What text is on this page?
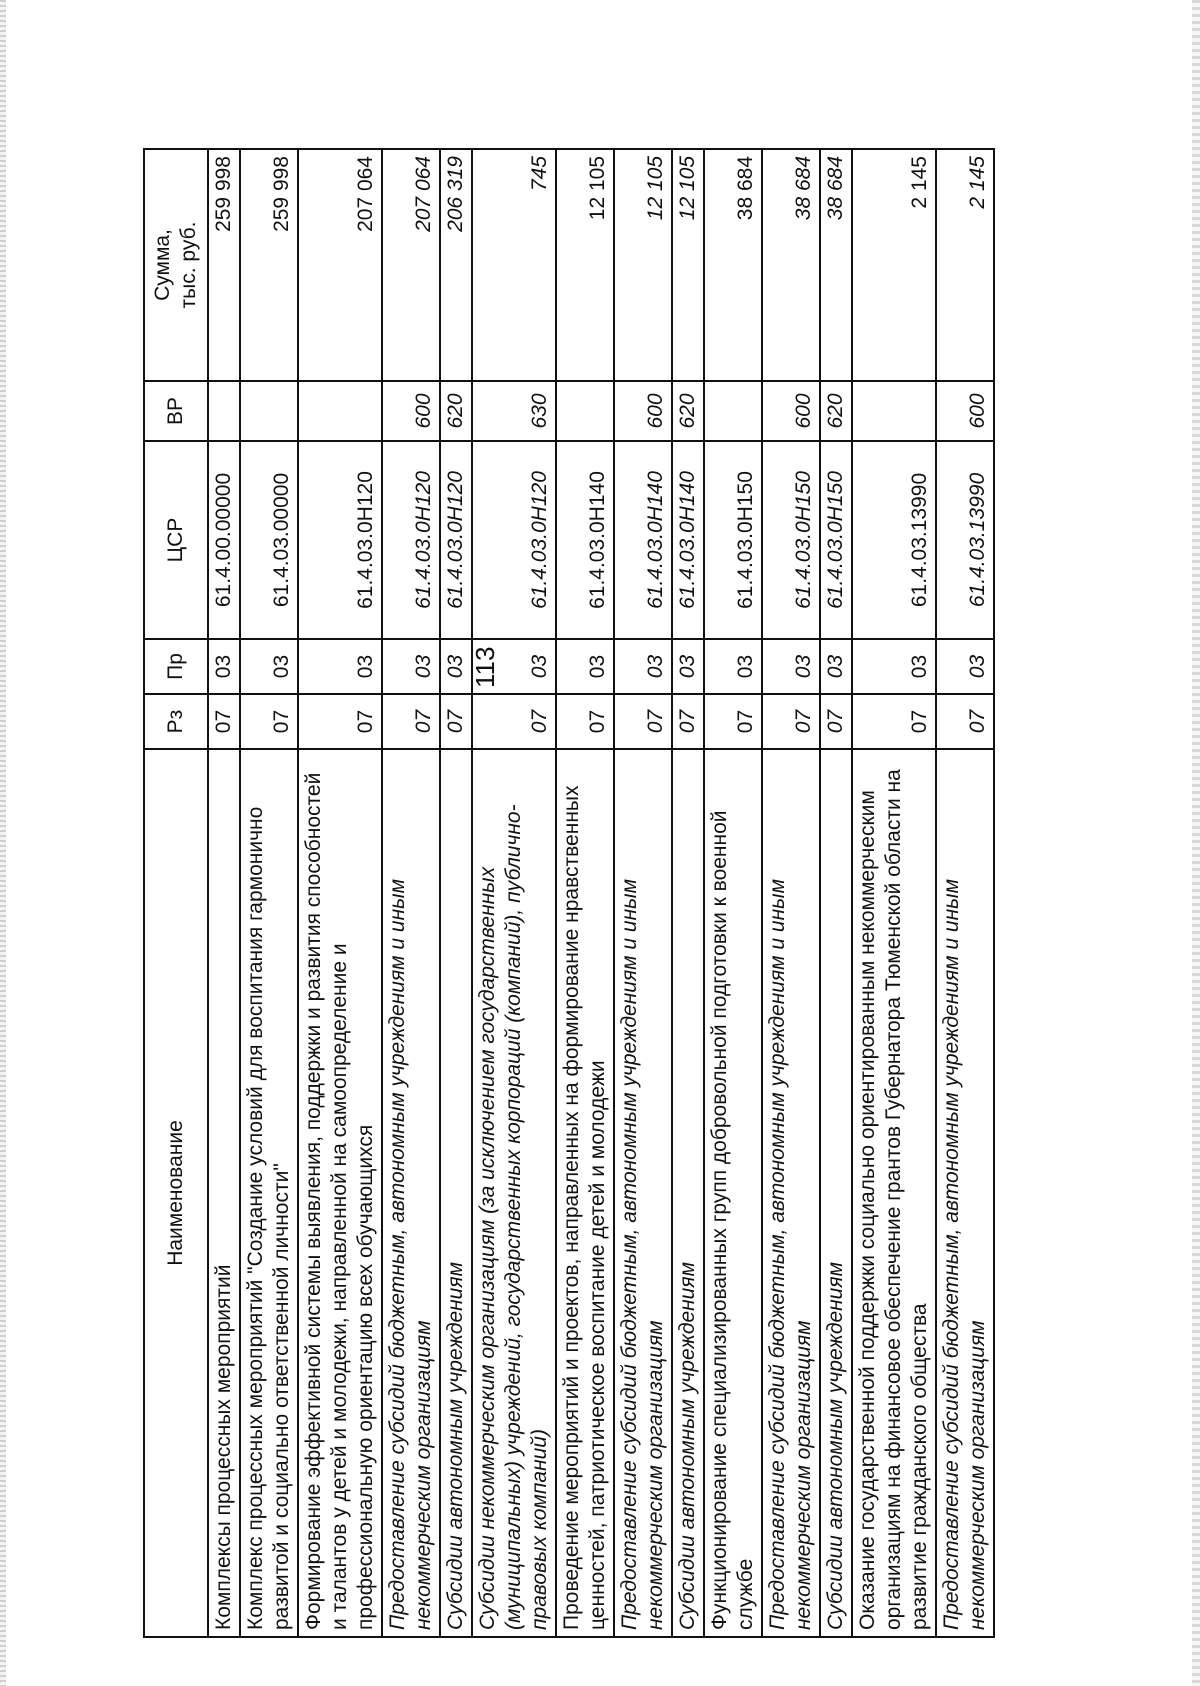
113
Наименование	Рз	Пр	ЦСР	ВР	Сумма, тыс. руб.
Комплексы процессных мероприятий	07	03	61.4.00.00000		259 998
Комплекс процессных мероприятий "Создание условий для воспитания гармонично развитой и социально ответственной личности"	07	03	61.4.03.00000		259 998
Формирование эффективной системы выявления, поддержки и развития способностей и талантов у детей и молодежи, направленной на самоопределение и профессиональную ориентацию всех обучающихся	07	03	61.4.03.0Н120		207 064
Предоставление субсидий бюджетным, автономным учреждениям и иным некоммерческим организациям	07	03	61.4.03.0Н120	600	207 064
Субсидии автономным учреждениям	07	03	61.4.03.0Н120	620	206 319
Субсидии некоммерческим организациям (за исключением государственных (муниципальных) учреждений, государственных корпораций (компаний), публично-правовых компаний)	07	03	61.4.03.0Н120	630	745
Проведение мероприятий и проектов, направленных на формирование нравственных ценностей, патриотическое воспитание детей и молодежи	07	03	61.4.03.0Н140		12 105
Предоставление субсидий бюджетным, автономным учреждениям и иным некоммерческим организациям	07	03	61.4.03.0Н140	600	12 105
Субсидии автономным учреждениям	07	03	61.4.03.0Н140	620	12 105
Функционирование специализированных групп добровольной подготовки к военной службе	07	03	61.4.03.0Н150		38 684
Предоставление субсидий бюджетным, автономным учреждениям и иным некоммерческим организациям	07	03	61.4.03.0Н150	600	38 684
Субсидии автономным учреждениям	07	03	61.4.03.0Н150	620	38 684
Оказание государственной поддержки социально ориентированным некоммерческим организациям на финансовое обеспечение грантов Губернатора Тюменской области на развитие гражданского общества	07	03	61.4.03.13990		2 145
Предоставление субсидий бюджетным, автономным учреждениям и иным некоммерческим организациям	07	03	61.4.03.13990	600	2 145
